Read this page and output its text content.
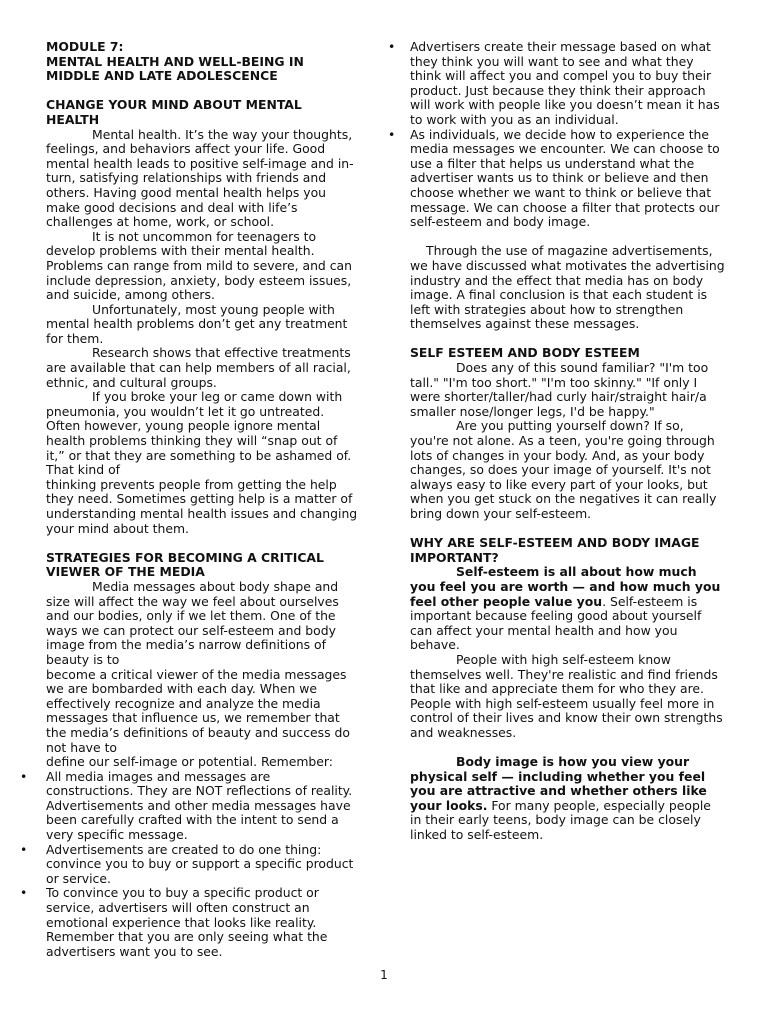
MODULE 7:
MENTAL HEALTH AND WELL-BEING IN
MIDDLE AND LATE ADOLESCENCE
CHANGE YOUR MIND ABOUT MENTAL HEALTH

Mental health. It’s the way your thoughts, feelings, and behaviors affect your life. Good mental health leads to positive self-image and in-turn, satisfying relationships with friends and others. Having good mental health helps you make good decisions and deal with life’s challenges at home, work, or school.

It is not uncommon for teenagers to develop problems with their mental health. Problems can range from mild to severe, and can include depression, anxiety, body esteem issues, and suicide, among others.

Unfortunately, most young people with mental health problems don’t get any treatment for them.

Research shows that effective treatments are available that can help members of all racial, ethnic, and cultural groups.

If you broke your leg or came down with pneumonia, you wouldn’t let it go untreated. Often however, young people ignore mental health problems thinking they will “snap out of it,” or that they are something to be ashamed of. That kind of

thinking prevents people from getting the help they need. Sometimes getting help is a matter of understanding mental health issues and changing your mind about them.

STRATEGIES FOR BECOMING A CRITICAL VIEWER OF THE MEDIA

Media messages about body shape and size will affect the way we feel about ourselves and our bodies, only if we let them. One of the ways we can protect our self-esteem and body image from the media’s narrow definitions of beauty is to

become a critical viewer of the media messages we are bombarded with each day. When we effectively recognize and analyze the media messages that influence us, we remember that the media’s definitions of beauty and success do not have to

define our self-image or potential. Remember:

• All media images and messages are constructions. They are NOT reflections of reality. Advertisements and other media messages have been carefully crafted with the intent to send a very specific message.
• Advertisements are created to do one thing: convince you to buy or support a specific product or service.
• To convince you to buy a specific product or service, advertisers will often construct an emotional experience that looks like reality. Remember that you are only seeing what the advertisers want you to see.
• Advertisers create their message based on what they think you will want to see and what they think will affect you and compel you to buy their product. Just because they think their approach will work with people like you doesn’t mean it has to work with you as an individual.
• As individuals, we decide how to experience the media messages we encounter. We can choose to use a filter that helps us understand what the advertiser wants us to think or believe and then choose whether we want to think or believe that message. We can choose a filter that protects our self-esteem and body image.

Through the use of magazine advertisements, we have discussed what motivates the advertising industry and the effect that media has on body image. A final conclusion is that each student is left with strategies about how to strengthen themselves against these messages.

SELF ESTEEM AND BODY ESTEEM

Does any of this sound familiar? "I'm too tall." "I'm too short." "I'm too skinny." "If only I were shorter/taller/had curly hair/straight hair/a smaller nose/longer legs, I'd be happy."

Are you putting yourself down? If so, you're not alone. As a teen, you're going through lots of changes in your body. And, as your body changes, so does your image of yourself. It's not always easy to like every part of your looks, but when you get stuck on the negatives it can really bring down your self-esteem.

WHY ARE SELF-ESTEEM AND BODY IMAGE IMPORTANT?

Self-esteem is all about how much you feel you are worth — and how much you feel other people value you. Self-esteem is important because feeling good about yourself can affect your mental health and how you behave.

People with high self-esteem know themselves well. They're realistic and find friends that like and appreciate them for who they are. People with high self-esteem usually feel more in control of their lives and know their own strengths and weaknesses.

Body image is how you view your physical self — including whether you feel you are attractive and whether others like your looks. For many people, especially people in their early teens, body image can be closely linked to self-esteem.

1
